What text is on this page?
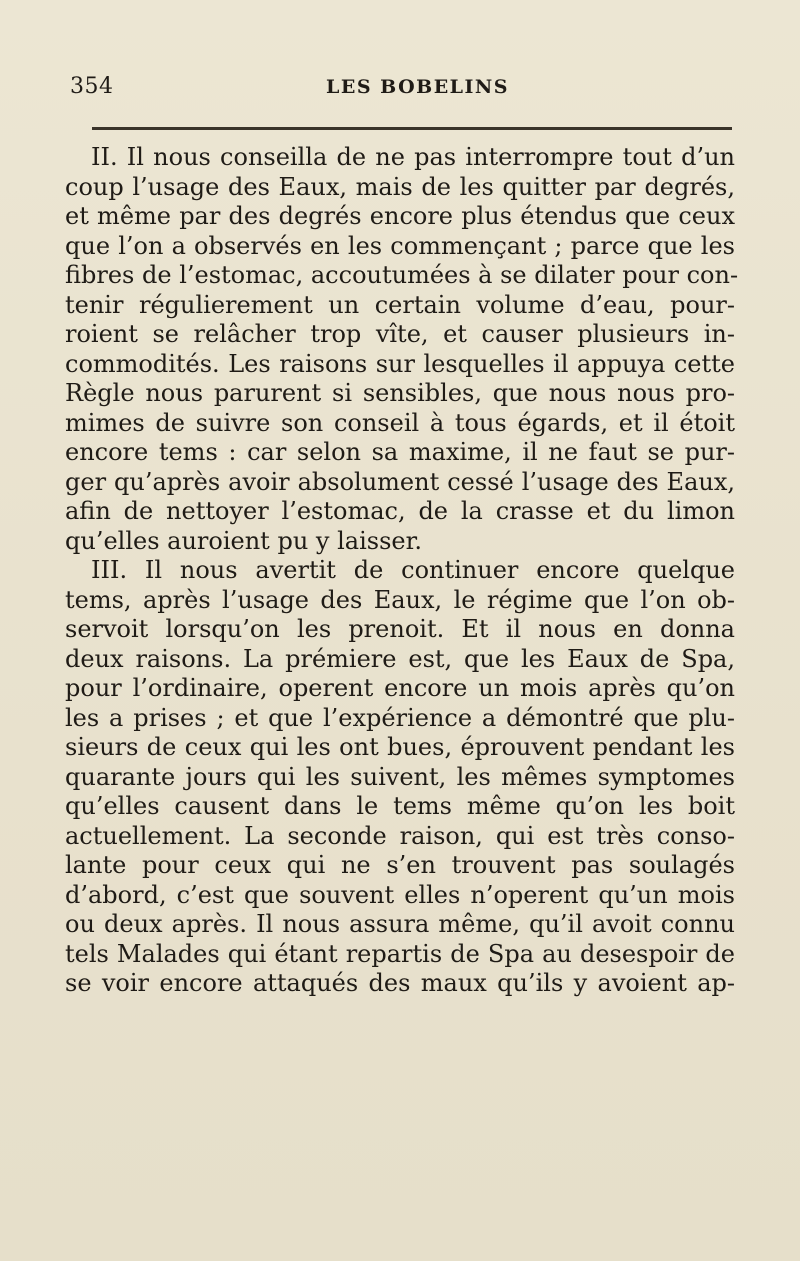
354	LES BOBELINS
II. Il nous conseilla de ne pas interrompre tout d’un
coup l’usage des Eaux, mais de les quitter par degrés,
et même par des degrés encore plus étendus que ceux
que l’on a observés en les commençant ; parce que les
fibres de l’estomac, accoutumées à se dilater pour con-
tenir régulierement un certain volume d’eau, pour-
roient se relâcher trop vîte, et causer plusieurs in-
commodités. Les raisons sur lesquelles il appuya cette
Règle nous parurent si sensibles, que nous nous pro-
mimes de suivre son conseil à tous égards, et il étoit
encore tems : car selon sa maxime, il ne faut se pur-
ger qu’après avoir absolument cessé l’usage des Eaux,
afin de nettoyer l’estomac, de la crasse et du limon
qu’elles auroient pu y laisser.
III. Il nous avertit de continuer encore quelque
tems, après l’usage des Eaux, le régime que l’on ob-
servoit lorsqu’on les prenoit. Et il nous en donna
deux raisons. La prémiere est, que les Eaux de Spa,
pour l’ordinaire, operent encore un mois après qu’on
les a prises ; et que l’expérience a démontré que plu-
sieurs de ceux qui les ont bues, éprouvent pendant les
quarante jours qui les suivent, les mêmes symptomes
qu’elles causent dans le tems même qu’on les boit
actuellement. La seconde raison, qui est très conso-
lante pour ceux qui ne s’en trouvent pas soulagés
d’abord, c’est que souvent elles n’operent qu’un mois
ou deux après. Il nous assura même, qu’il avoit connu
tels Malades qui étant repartis de Spa au desespoir de
se voir encore attaqués des maux qu’ils y avoient ap-
